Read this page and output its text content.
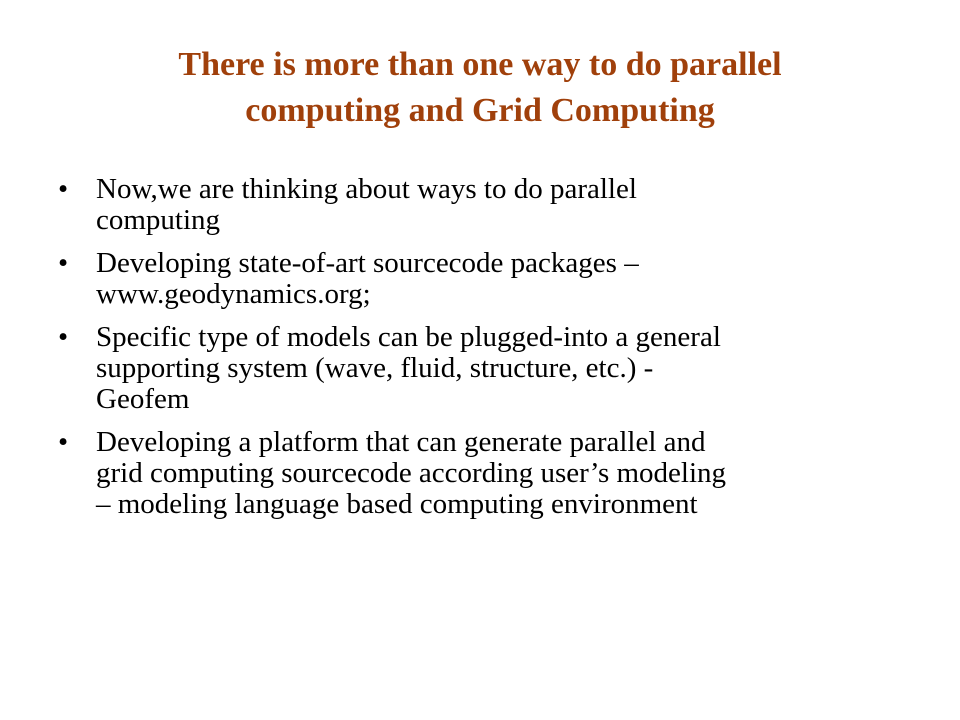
There is more than one way to do parallel
computing and Grid Computing
• Now,we are thinking about ways to do parallel
computing
• Developing state-of-art sourcecode packages –
www.geodynamics.org;
• Specific type of models can be plugged-into a general
supporting system (wave, fluid, structure, etc.) -
Geofem
• Developing a platform that can generate parallel and
grid computing sourcecode according user’s modeling
– modeling language based computing environment
